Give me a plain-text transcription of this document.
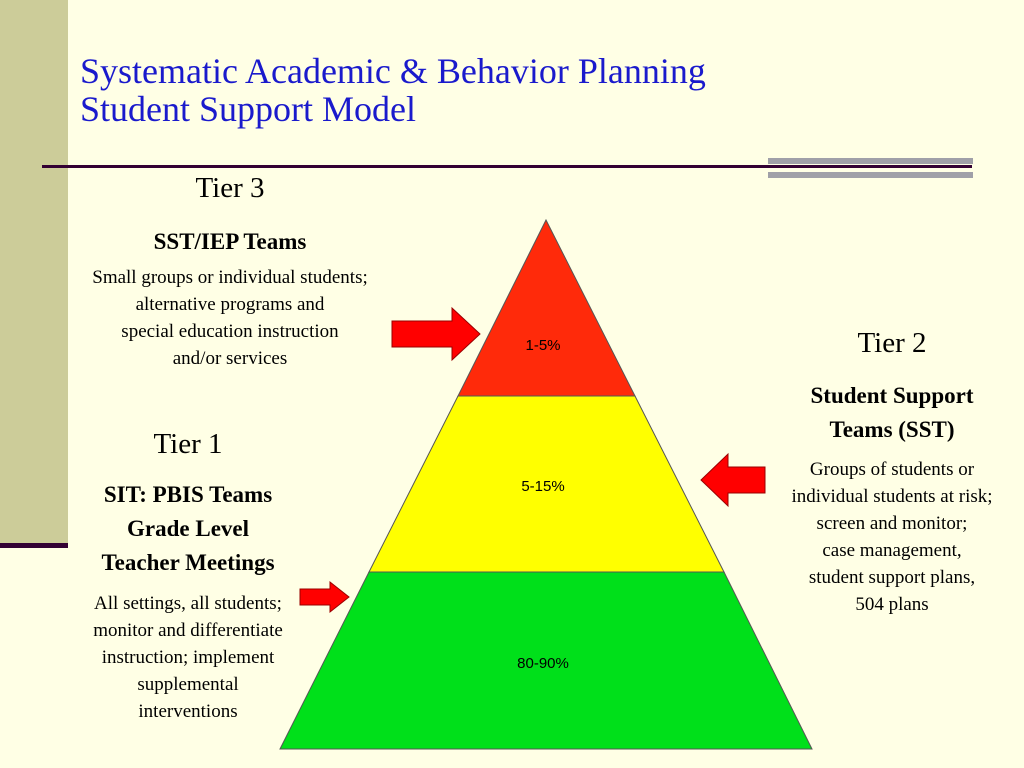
Systematic Academic & Behavior Planning
Student Support Model
1-5%
5-15%
80-90%
Tier 3
SST/IEP Teams
Small groups or individual students;
alternative programs and
special education instruction
and/or services
Tier 1
SIT: PBIS Teams
Grade Level
Teacher Meetings
All settings, all students;
monitor and differentiate
instruction; implement
supplemental
interventions
Tier 2
Student Support
Teams (SST)
Groups of students or
individual students at risk;
screen and monitor;
case management,
student support plans,
504 plans
